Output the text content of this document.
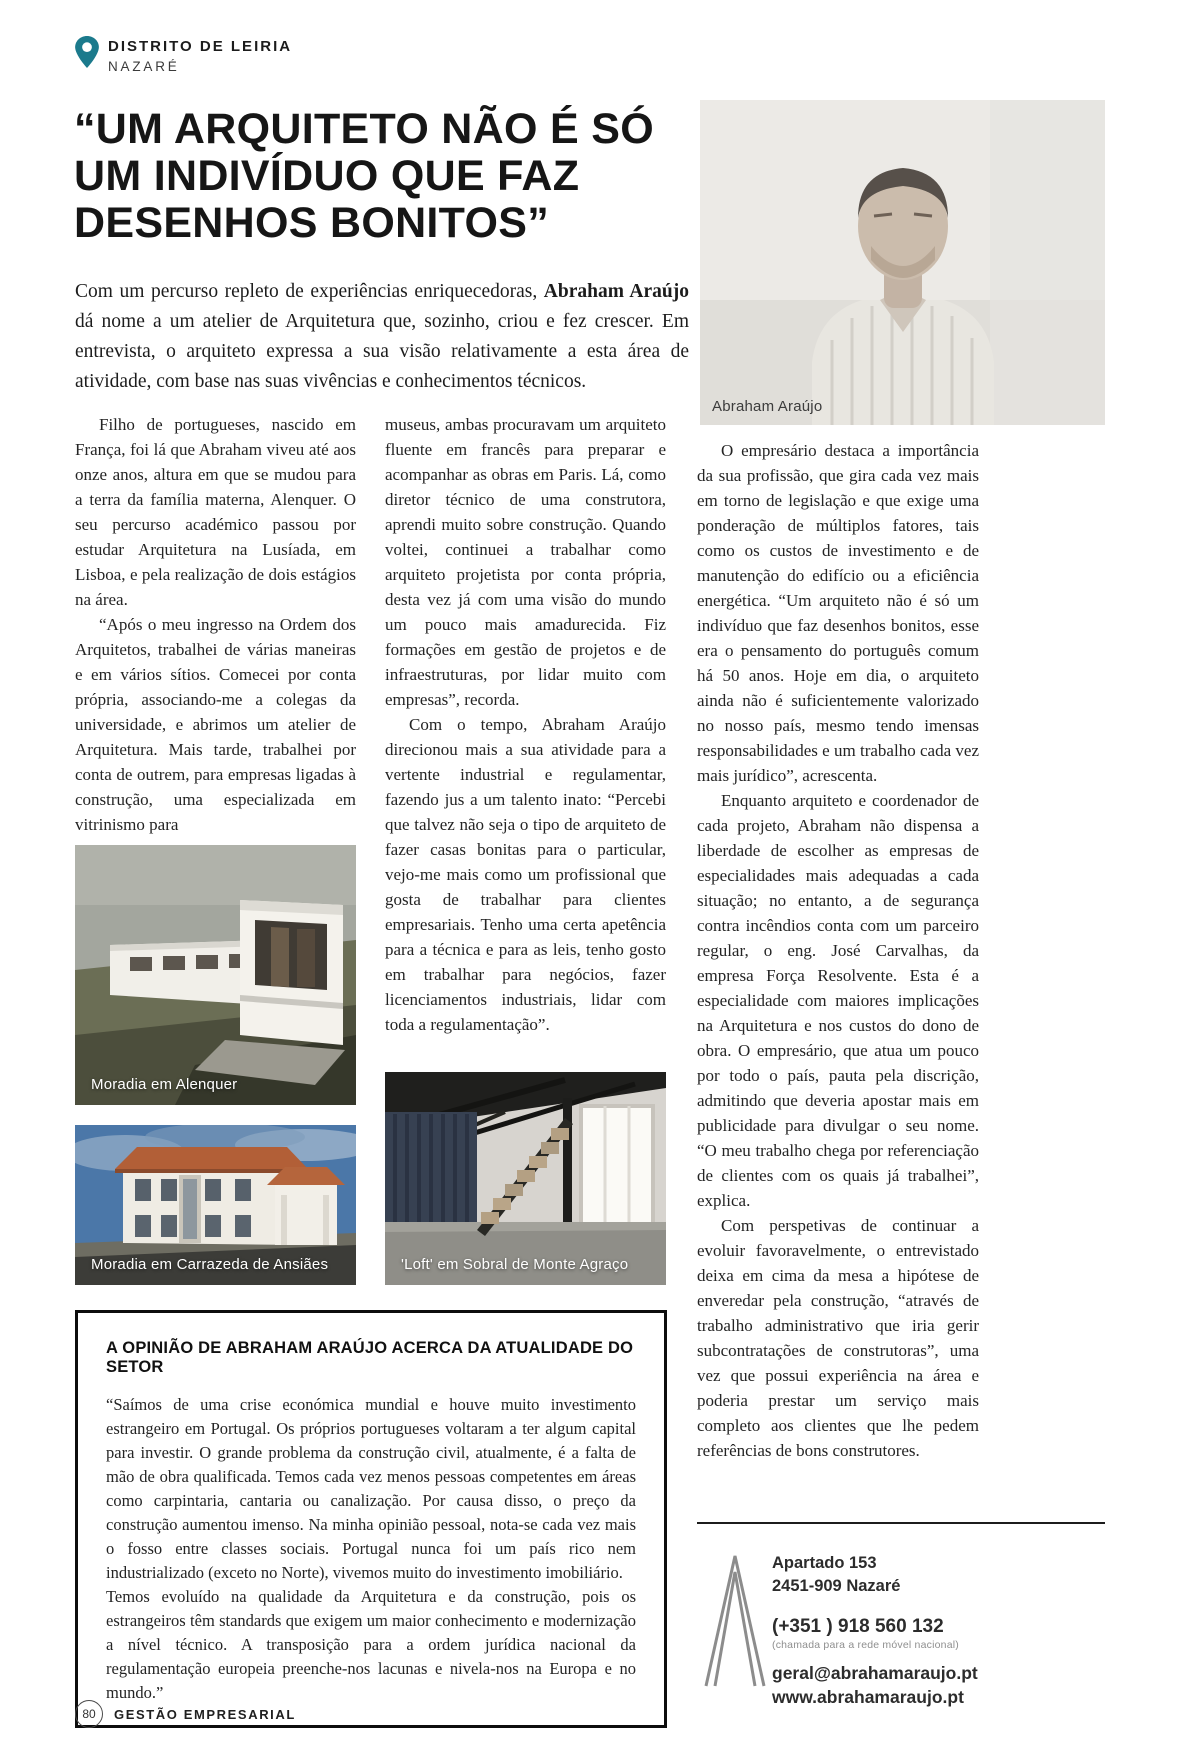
DISTRITO DE LEIRIA
NAZARÉ
“UM ARQUITETO NÃO É SÓ
UM INDIVÍDUO QUE FAZ
DESENHOS BONITOS”
Abraham Araújo
Com um percurso repleto de experiências enriquecedoras, Abraham Araújo dá nome a um atelier de Arquitetura que, sozinho, criou e fez crescer. Em entrevista, o arquiteto expressa a sua visão relativamente a esta área de atividade, com base nas suas vivências e conhecimentos técnicos.

Filho de portugueses, nascido em França, foi lá que Abraham viveu até aos onze anos, altura em que se mudou para a terra da família materna, Alenquer. O seu percurso académico passou por estudar Arquitetura na Lusíada, em Lisboa, e pela realização de dois estágios na área.

“Após o meu ingresso na Ordem dos Arquitetos, trabalhei de várias maneiras e em vários sítios. Comecei por conta própria, associando-me a colegas da universidade, e abrimos um atelier de Arquitetura. Mais tarde, trabalhei por conta de outrem, para empresas ligadas à construção, uma especializada em vitrinismo para

museus, ambas procuravam um arquiteto fluente em francês para preparar e acompanhar as obras em Paris. Lá, como diretor técnico de uma construtora, aprendi muito sobre construção. Quando voltei, continuei a trabalhar como arquiteto projetista por conta própria, desta vez já com uma visão do mundo um pouco mais amadurecida. Fiz formações em gestão de projetos e de infraestruturas, por lidar muito com empresas”, recorda.

Com o tempo, Abraham Araújo direcionou mais a sua atividade para a vertente industrial e regulamentar, fazendo jus a um talento inato: “Percebi que talvez não seja o tipo de arquiteto de fazer casas bonitas para o particular, vejo-me mais como um profissional que gosta de trabalhar para clientes empresariais. Tenho uma certa apetência para a técnica e para as leis, tenho gosto em trabalhar para negócios, fazer licenciamentos industriais, lidar com toda a regulamentação”.

O empresário destaca a importância da sua profissão, que gira cada vez mais em torno de legislação e que exige uma ponderação de múltiplos fatores, tais como os custos de investimento e de manutenção do edifício ou a eficiência energética. “Um arquiteto não é só um indivíduo que faz desenhos bonitos, esse era o pensamento do português comum há 50 anos. Hoje em dia, o arquiteto ainda não é suficientemente valorizado no nosso país, mesmo tendo imensas responsabilidades e um trabalho cada vez mais jurídico”, acrescenta.

Enquanto arquiteto e coordenador de cada projeto, Abraham não dispensa a liberdade de escolher as empresas de especialidades mais adequadas a cada situação; no entanto, a de segurança contra incêndios conta com um parceiro regular, o eng. José Carvalhas, da empresa Força Resolvente. Esta é a especialidade com maiores implicações na Arquitetura e nos custos do dono de obra. O empresário, que atua um pouco por todo o país, pauta pela discrição, admitindo que deveria apostar mais em publicidade para divulgar o seu nome. “O meu trabalho chega por referenciação de clientes com os quais já trabalhei”, explica.

Com perspetivas de continuar a evoluir favoravelmente, o entrevistado deixa em cima da mesa a hipótese de enveredar pela construção, “através de trabalho administrativo que iria gerir subcontratações de construtoras”, uma vez que possui experiência na área e poderia prestar um serviço mais completo aos clientes que lhe pedem referências de bons construtores.

Moradia em Alenquer
Moradia em Carrazeda de Ansiães	'Loft' em Sobral de Monte Agraço
A OPINIÃO DE ABRAHAM ARAÚJO ACERCA DA ATUALIDADE DO SETOR

“Saímos de uma crise económica mundial e houve muito investimento estrangeiro em Portugal. Os próprios portugueses voltaram a ter algum capital para investir. O grande problema da construção civil, atualmente, é a falta de mão de obra qualificada. Temos cada vez menos pessoas competentes em áreas como carpintaria, cantaria ou canalização. Por causa disso, o preço da construção aumentou imenso. Na minha opinião pessoal, nota-se cada vez mais o fosso entre classes sociais. Portugal nunca foi um país rico nem industrializado (exceto no Norte), vivemos muito do investimento imobiliário.

Temos evoluído na qualidade da Arquitetura e da construção, pois os estrangeiros têm standards que exigem um maior conhecimento e modernização a nível técnico. A transposição para a ordem jurídica nacional da regulamentação europeia preenche-nos lacunas e nivela-nos na Europa e no mundo.”

Apartado 153
2451-909 Nazaré
(+351 ) 918 560 132
(chamada para a rede móvel nacional)
geral@abrahamaraujo.pt
www.abrahamaraujo.pt
80 GESTÃO EMPRESARIAL
